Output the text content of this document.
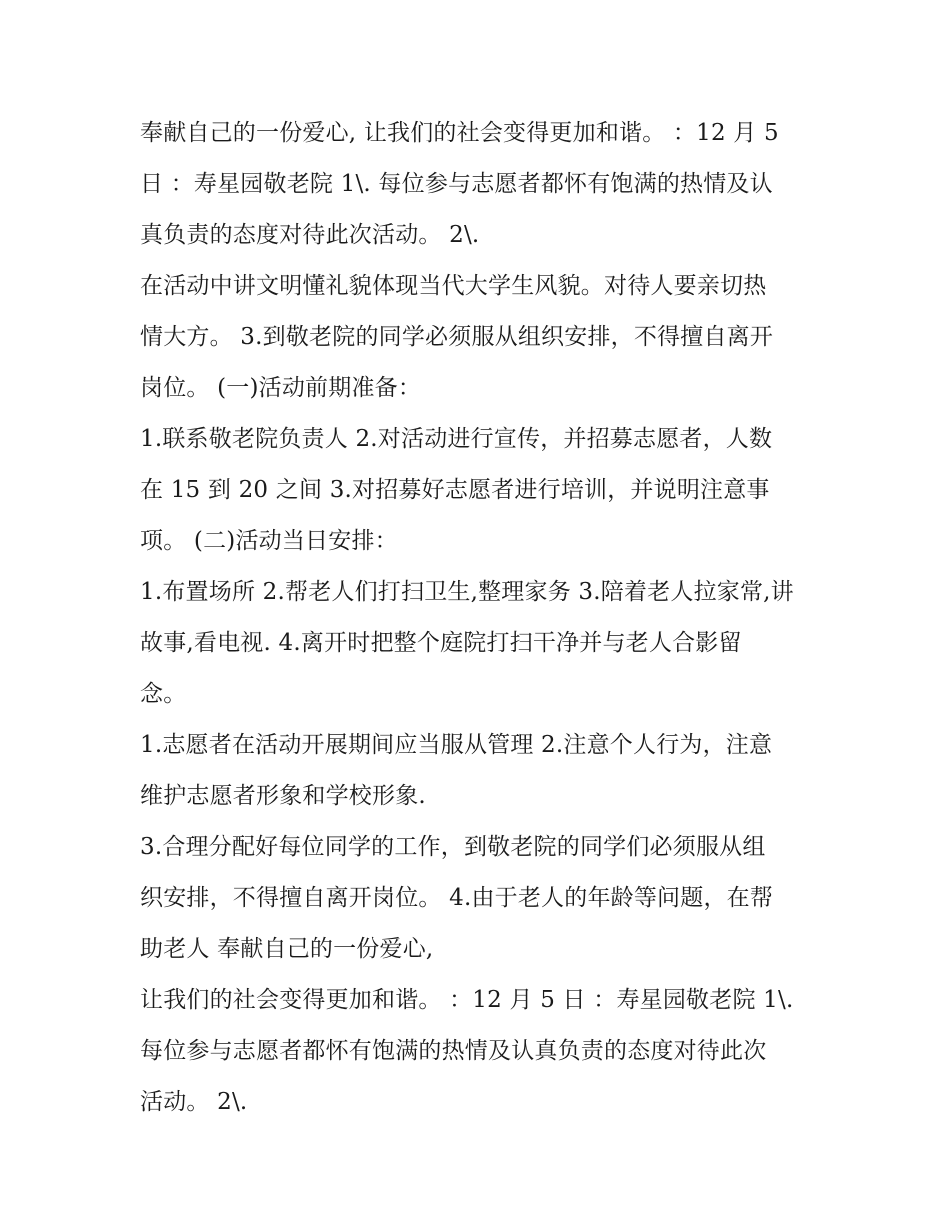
奉献自己的一份爱心, 让我们的社会变得更加和谐。 ：12 月 5
日 ：寿星园敬老院 1\. 每位参与志愿者都怀有饱满的热情及认
真负责的态度对待此次活动。 2\.
在活动中讲文明懂礼貌体现当代大学生风貌。对待人要亲切热
情大方。 3.到敬老院的同学必须服从组织安排，不得擅自离开
岗位。 (一)活动前期准备：
1.联系敬老院负责人 2.对活动进行宣传，并招募志愿者，人数
在 15 到 20 之间 3.对招募好志愿者进行培训，并说明注意事
项。 (二)活动当日安排：
1.布置场所 2.帮老人们打扫卫生,整理家务 3.陪着老人拉家常,讲
故事,看电视. 4.离开时把整个庭院打扫干净并与老人合影留
念。
1.志愿者在活动开展期间应当服从管理 2.注意个人行为，注意
维护志愿者形象和学校形象.
3.合理分配好每位同学的工作，到敬老院的同学们必须服从组
织安排，不得擅自离开岗位。 4.由于老人的年龄等问题，在帮
助老人 奉献自己的一份爱心,
让我们的社会变得更加和谐。 ：12 月 5 日 ：寿星园敬老院 1\.
每位参与志愿者都怀有饱满的热情及认真负责的态度对待此次
活动。 2\.
